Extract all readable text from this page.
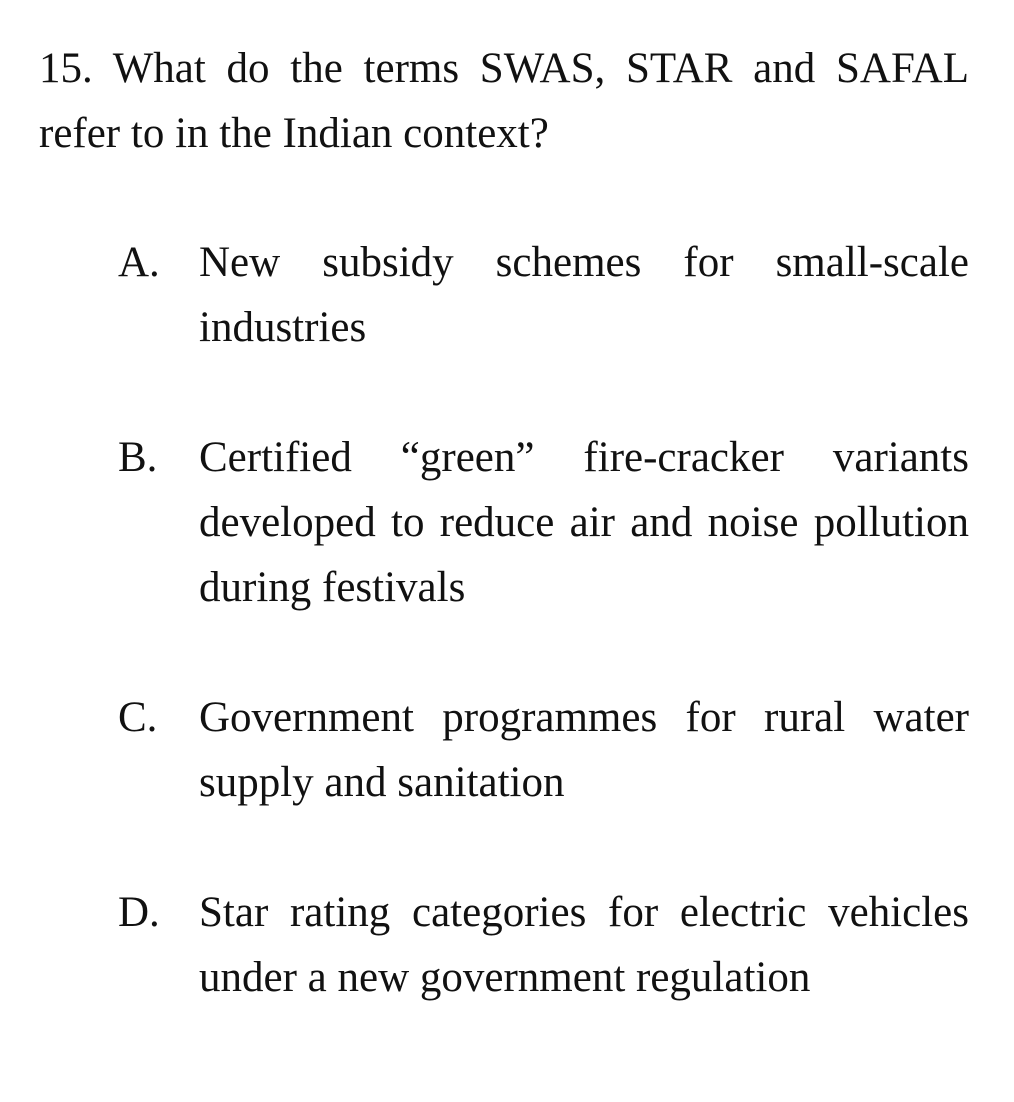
15. What do the terms SWAS, STAR and SAFAL refer to in the Indian context?

A. New subsidy schemes for small-scale industries
B. Certified “green” fire-cracker variants developed to reduce air and noise pollution during festivals
C. Government programmes for rural water supply and sanitation
D. Star rating categories for electric vehicles under a new government regulation
